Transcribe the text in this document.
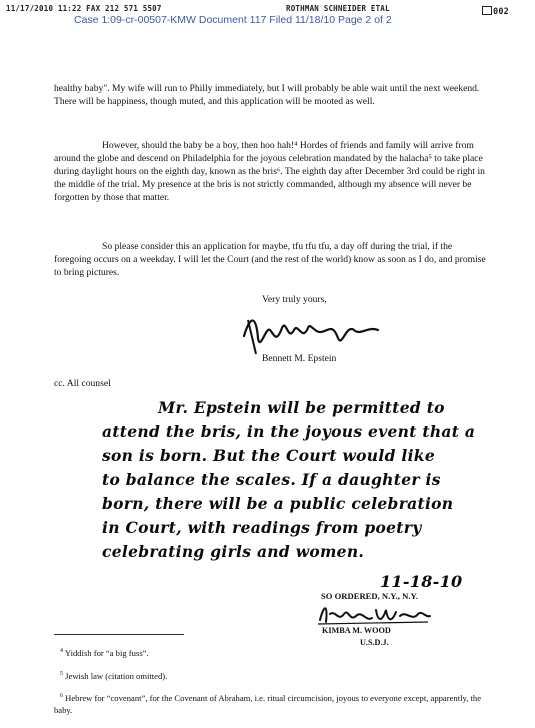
11/17/2010 11:22 FAX 212 571 5507	ROTHMAN SCHNEIDER ETAL	002
Case 1:09-cr-00507-KMW Document 117 Filed 11/18/10 Page 2 of 2
healthy baby". My wife will run to Philly immediately, but I will probably be able wait until the next weekend. There will be happiness, though muted, and this application will be mooted as well.
However, should the baby be a boy, then hoo hah!⁴ Hordes of friends and family will arrive from around the globe and descend on Philadelphia for the joyous celebration mandated by the halacha⁵ to take place during daylight hours on the eighth day, known as the bris⁶. The eighth day after December 3rd could be right in the middle of the trial. My presence at the bris is not strictly commanded, although my absence will never be forgotten by those that matter.
So please consider this an application for maybe, tfu tfu tfu, a day off during the trial, if the foregoing occurs on a weekday. I will let the Court (and the rest of the world) know as soon as I do, and promise to bring pictures.
Very truly yours,
Bennett M. Epstein
cc. All counsel
Mr. Epstein will be permitted to
attend the bris, in the joyous event that a
son is born. But the Court would like
to balance the scales. If a daughter is
born, there will be a public celebration
in Court, with readings from poetry
celebrating girls and women.
11-18-10
SO ORDERED, N.Y., N.Y.
KIMBA M. WOOD
U.S.D.J.
$^4$ Yiddish for “a big fuss”.
$^5$ Jewish law (citation omitted).
$^6$ Hebrew for “covenant”, for the Covenant of Abraham, i.e. ritual circumcision, joyous to everyone except, apparently, the baby.
